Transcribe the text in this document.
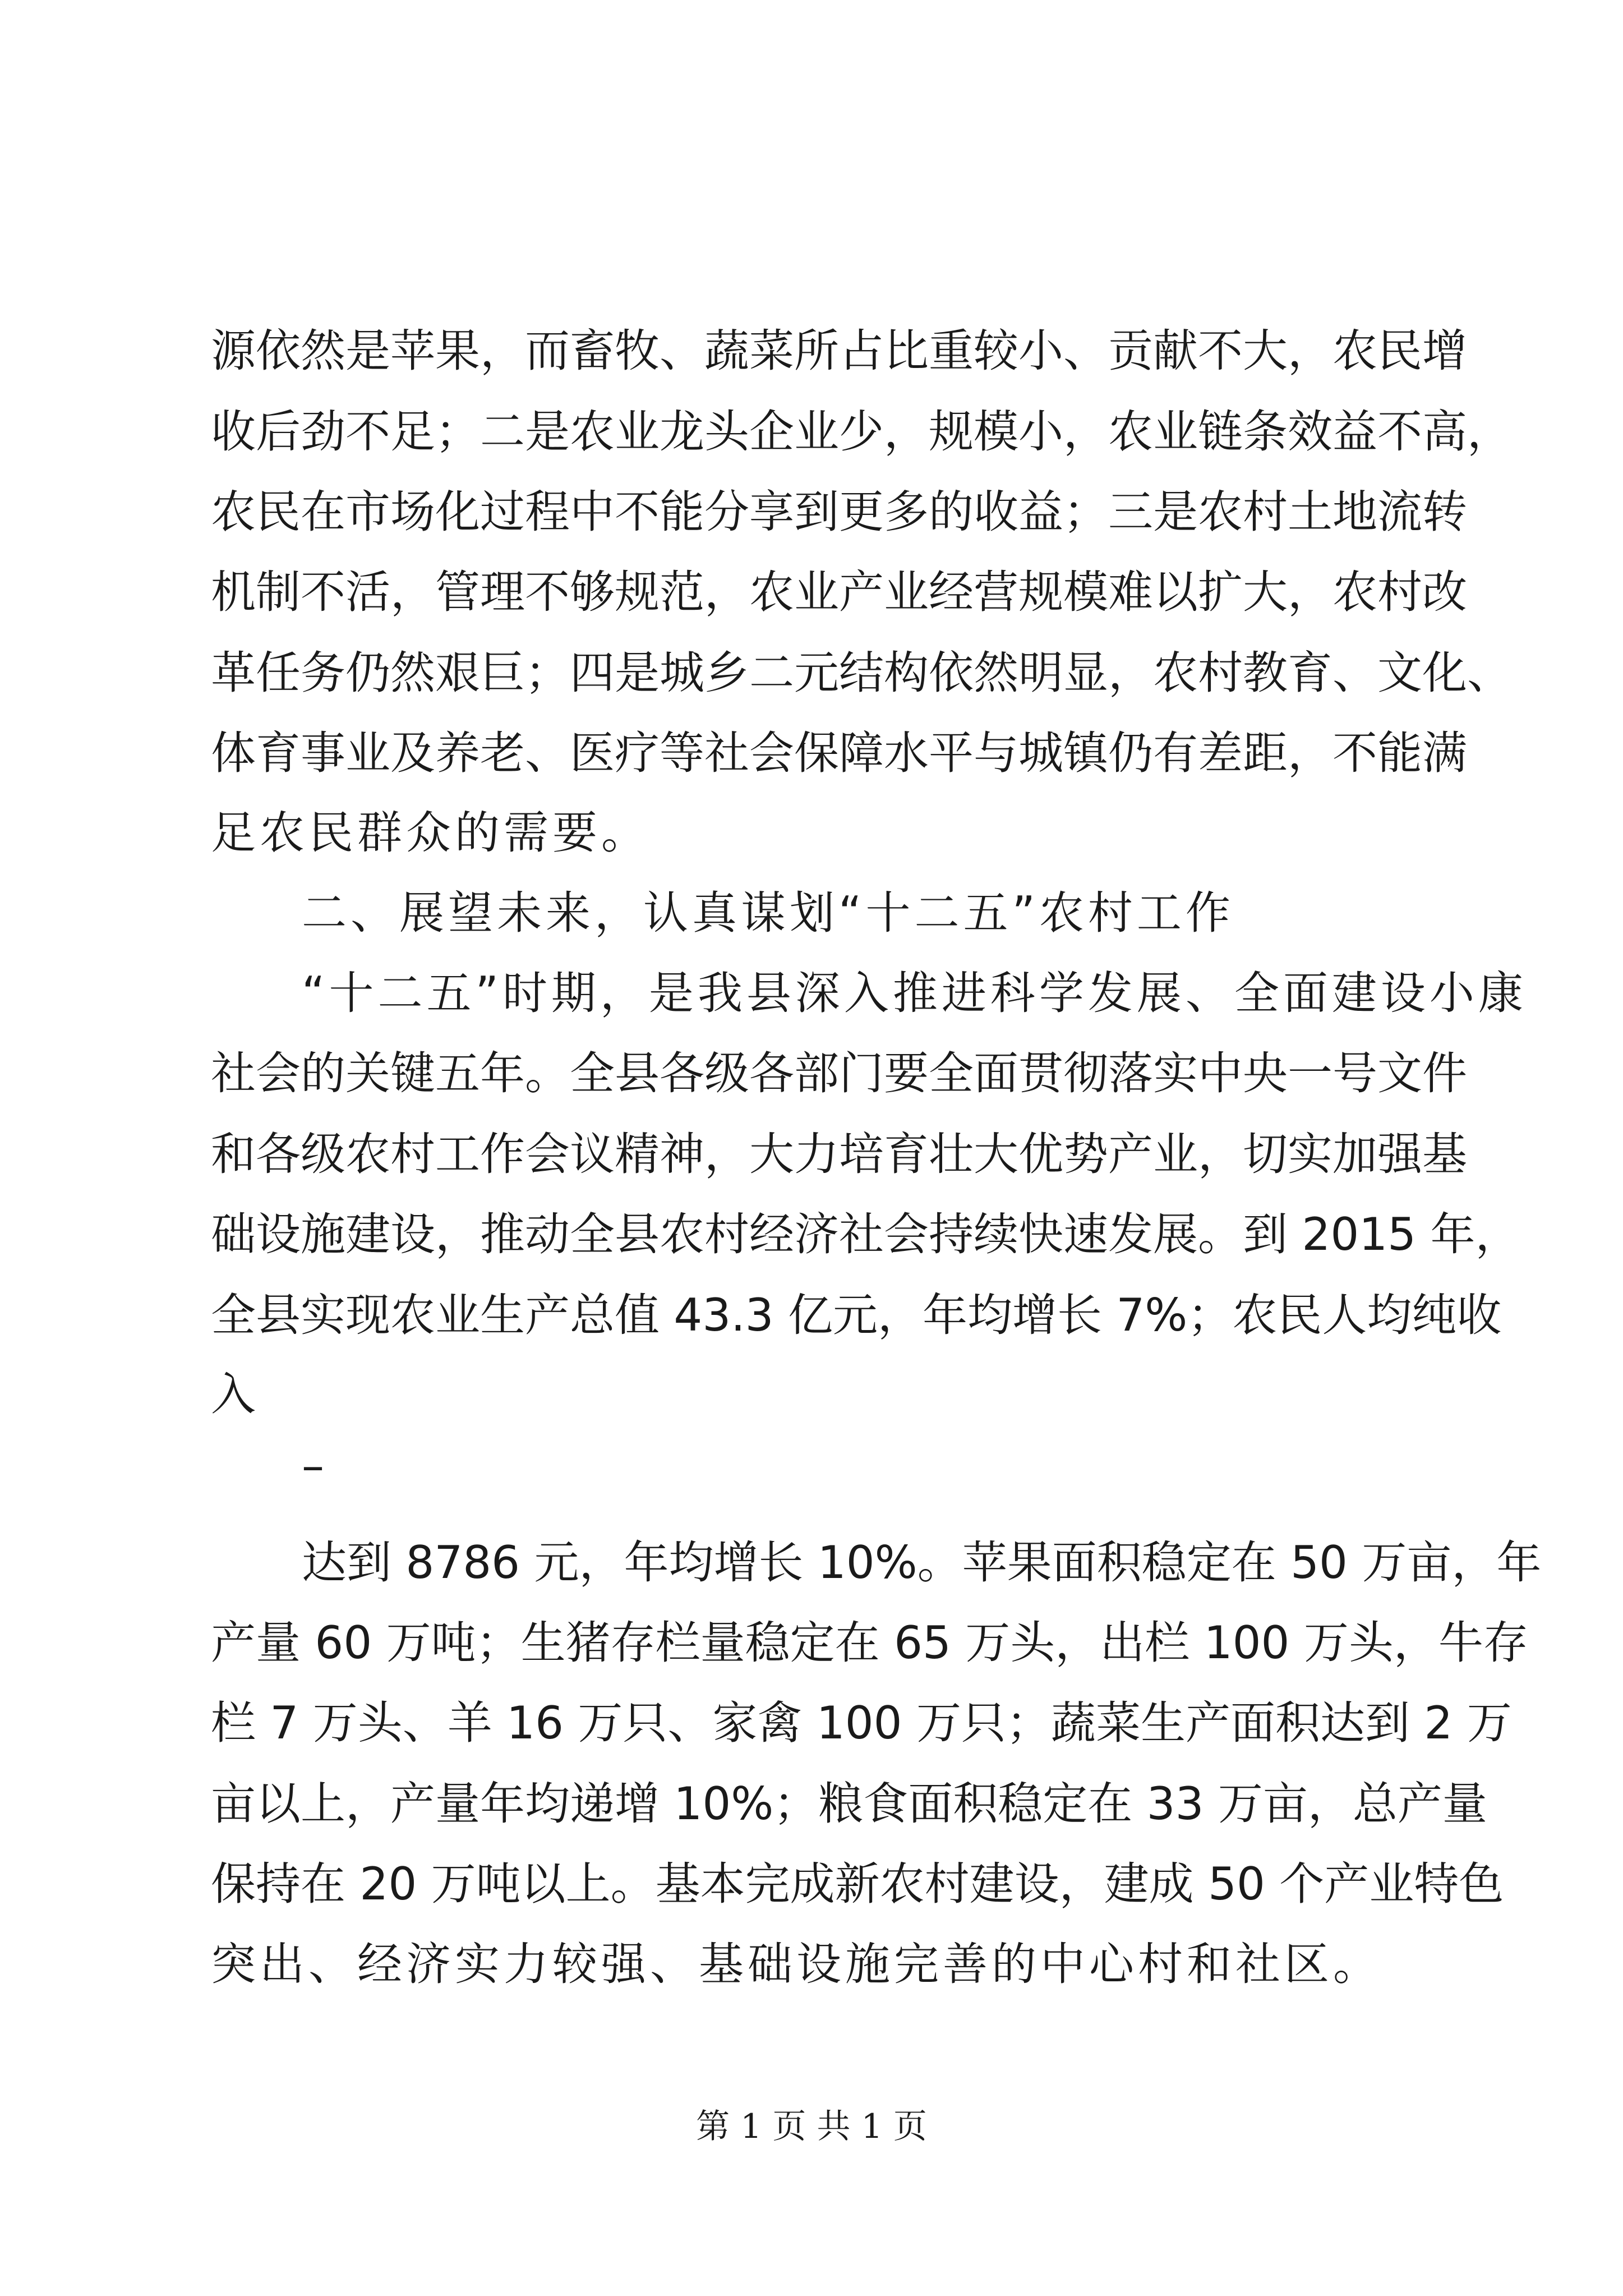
源依然是苹果，而畜牧、蔬菜所占比重较小、贡献不大，农民增
收后劲不足；二是农业龙头企业少，规模小，农业链条效益不高，
农民在市场化过程中不能分享到更多的收益；三是农村土地流转
机制不活，管理不够规范，农业产业经营规模难以扩大，农村改
革任务仍然艰巨；四是城乡二元结构依然明显，农村教育、文化、
体育事业及养老、医疗等社会保障水平与城镇仍有差距，不能满
足农民群众的需要。
二、展望未来，认真谋划“十二五”农村工作
“十二五”时期，是我县深入推进科学发展、全面建设小康
社会的关键五年。全县各级各部门要全面贯彻落实中央一号文件
和各级农村工作会议精神，大力培育壮大优势产业，切实加强基
础设施建设，推动全县农村经济社会持续快速发展。到 2015 年，
全县实现农业生产总值 43.3 亿元，年均增长 7%；农民人均纯收
入
–
达到 8786 元，年均增长 10%。苹果面积稳定在 50 万亩，年
产量 60 万吨；生猪存栏量稳定在 65 万头，出栏 100 万头，牛存
栏 7 万头、羊 16 万只、家禽 100 万只；蔬菜生产面积达到 2 万
亩以上，产量年均递增 10%；粮食面积稳定在 33 万亩，总产量
保持在 20 万吨以上。基本完成新农村建设，建成 50 个产业特色
突出、经济实力较强、基础设施完善的中心村和社区。
第 1 页 共 1 页
